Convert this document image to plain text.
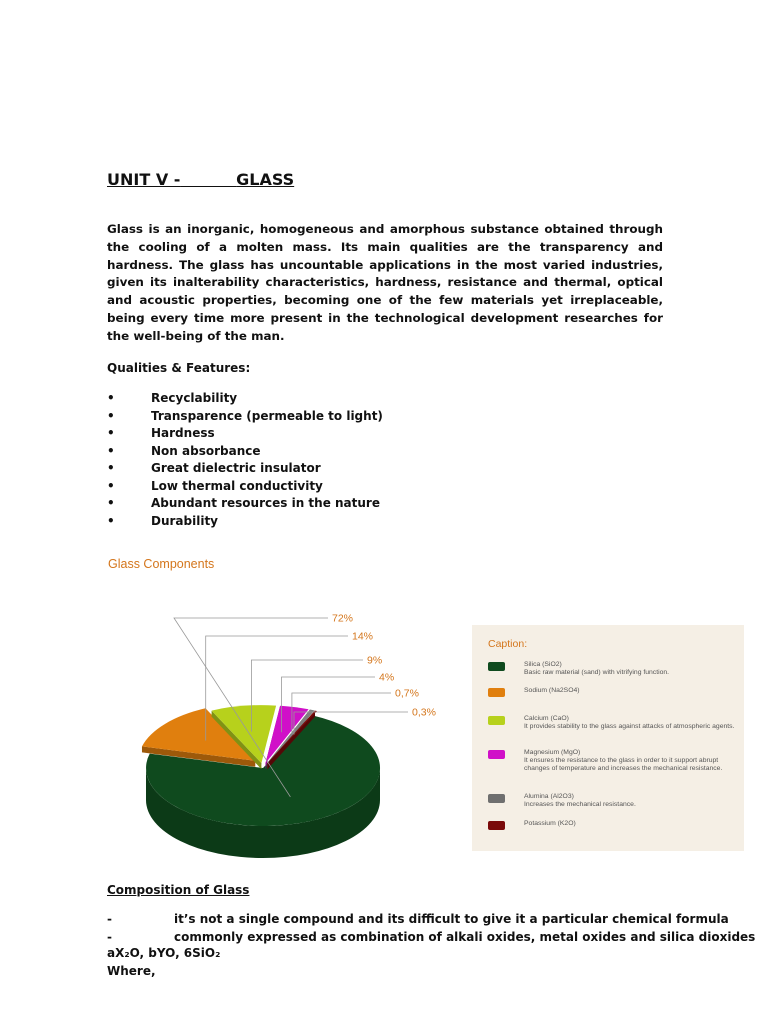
UNIT V -	GLASS
Glass is an inorganic, homogeneous and amorphous substance obtained through the cooling of a molten mass. Its main qualities are the transparency and hardness. The glass has uncountable applications in the most varied industries, given its inalterability characteristics, hardness, resistance and thermal, optical and acoustic properties, becoming one of the few materials yet irreplaceable, being every time more present in the technological development researches for the well-being of the man.
Qualities & Features:
•	Recyclability
•	Transparence (permeable to light)
•	Hardness
•	Non absorbance
•	Great dielectric insulator
•	Low thermal conductivity
•	Abundant resources in the nature
•	Durability
Glass Components
72%
14%
9%
4%
0,7%
0,3%
Caption:
Silica (SiO2)
Basic raw material (sand) with vitrifying function.
Sodium (Na2SO4)
Calcium (CaO)
It provides stability to the glass against attacks of atmospheric agents.
Magnesium (MgO)
It ensures the resistance to the glass in order to it support abrupt changes of temperature and increases the mechanical resistance.
Alumina (Al2O3)
Increases the mechanical resistance.
Potassium (K2O)
Composition of Glass
-	it’s not a single compound and its difficult to give it a particular chemical formula
-	commonly expressed as combination of alkali oxides, metal oxides and silica dioxides
aX₂O, bYO, 6SiO₂
Where,
